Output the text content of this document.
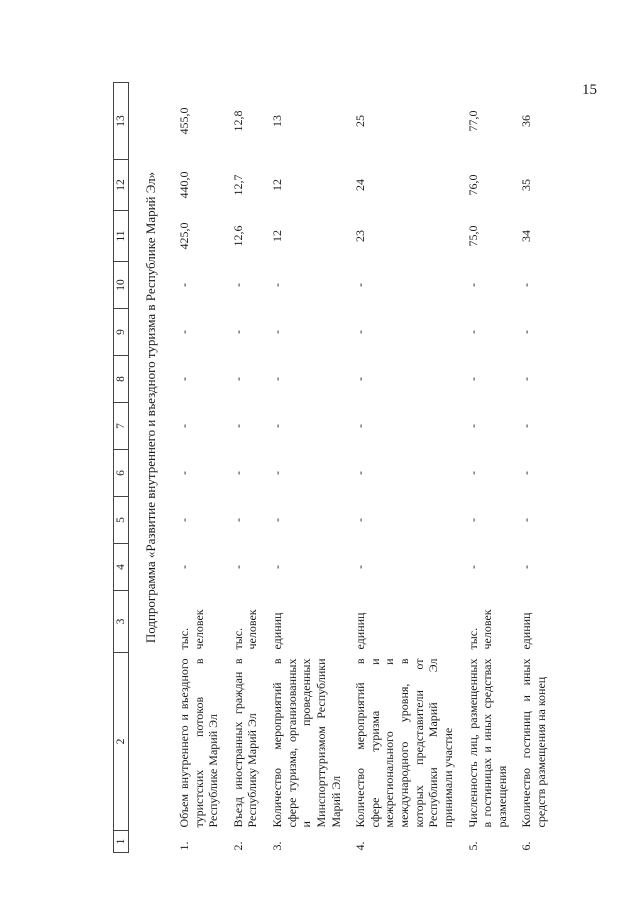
15
1	2	3	4	5	6	7	8	9	10	11	12	13
Подпрограмма «Развитие внутреннего и въездного туризма в Республике Марий Эл»												
1.	Объем внутреннего и въездного туристских потоков в Республике Марий Эл	тыс. человек	-	-	-	-	-	-	-	425,0	440,0	455,0
2.	Въезд иностранных граждан в Республику Марий Эл	тыс. человек	-	-	-	-	-	-	-	12,6	12,7	12,8
3.	Количество мероприятий в сфере туризма, организованных и проведенных Минспорттуризмом Республики Марий Эл	единиц	-	-	-	-	-	-	-	12	12	13
4.	Количество мероприятий в сфере туризма и межрегионального и международного уровня, в которых представители от Республики Марий Эл принимали участие	единиц	-	-	-	-	-	-	-	23	24	25
5.	Численность лиц, размещенных в гостиницах и иных средствах размещения	тыс. человек	-	-	-	-	-	-	-	75,0	76,0	77,0
6.	Количество гостиниц и иных средств размещения на конец	единиц	-	-	-	-	-	-	-	34	35	36
